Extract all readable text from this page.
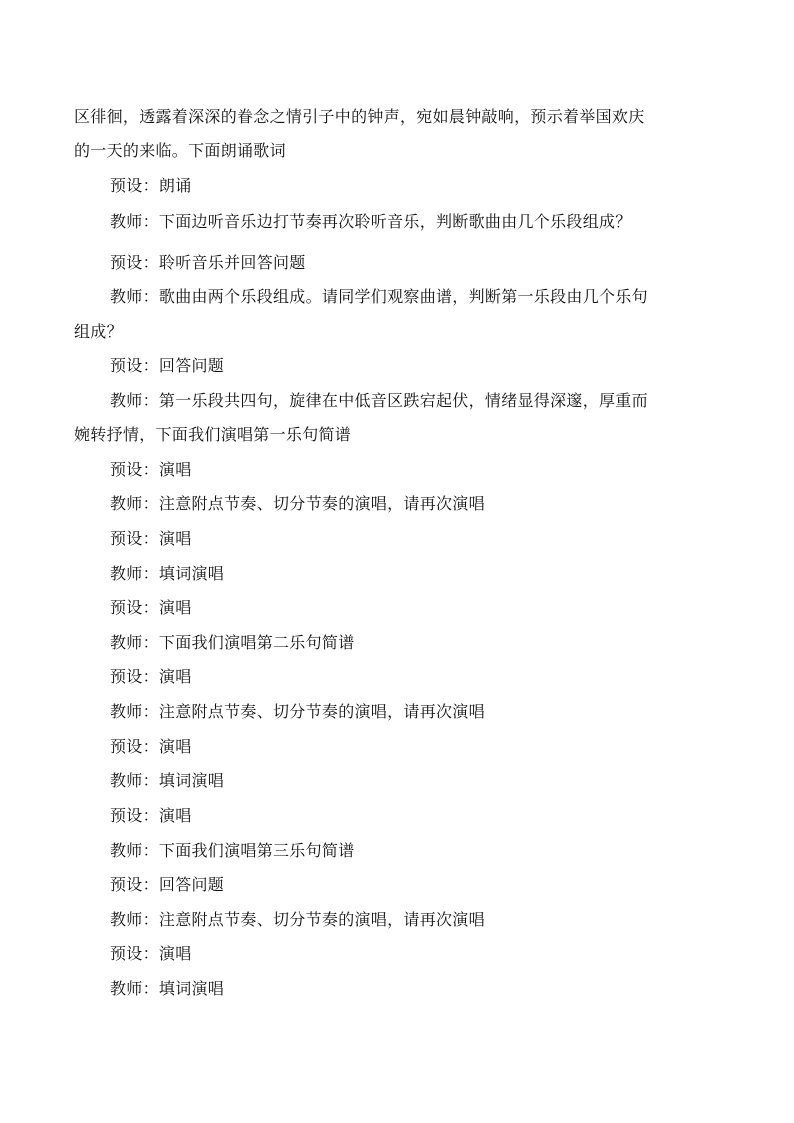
区徘徊，透露着深深的眷念之情引子中的钟声，宛如晨钟敲响，预示着举国欢庆

的一天的来临。下面朗诵歌词

预设：朗诵

教师：下面边听音乐边打节奏再次聆听音乐，判断歌曲由几个乐段组成？

预设：聆听音乐并回答问题

教师：歌曲由两个乐段组成。请同学们观察曲谱，判断第一乐段由几个乐句

组成？

预设：回答问题

教师：第一乐段共四句，旋律在中低音区跌宕起伏，情绪显得深邃，厚重而

婉转抒情，下面我们演唱第一乐句简谱

预设：演唱

教师：注意附点节奏、切分节奏的演唱，请再次演唱

预设：演唱

教师：填词演唱

预设：演唱

教师：下面我们演唱第二乐句简谱

预设：演唱

教师：注意附点节奏、切分节奏的演唱，请再次演唱

预设：演唱

教师：填词演唱

预设：演唱

教师：下面我们演唱第三乐句简谱

预设：回答问题

教师：注意附点节奏、切分节奏的演唱，请再次演唱

预设：演唱

教师：填词演唱
